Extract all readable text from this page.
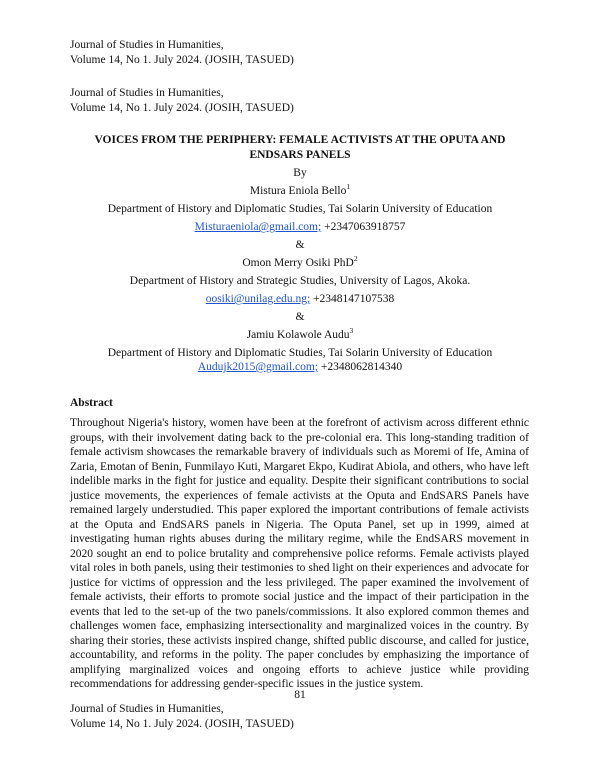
Journal of Studies in Humanities,
Volume 14, No 1. July 2024. (JOSIH, TASUED)
Journal of Studies in Humanities,
Volume 14, No 1. July 2024. (JOSIH, TASUED)
VOICES FROM THE PERIPHERY: FEMALE ACTIVISTS AT THE OPUTA AND
ENDSARS PANELS
By
Mistura Eniola Bello$^1$
Department of History and Diplomatic Studies, Tai Solarin University of Education
Misturaeniola@gmail.com; +2347063918757
&
Omon Merry Osiki PhD$^2$
Department of History and Strategic Studies, University of Lagos, Akoka.
oosiki@unilag.edu.ng; +2348147107538
&
Jamiu Kolawole Audu$^3$
Department of History and Diplomatic Studies, Tai Solarin University of Education
Audujk2015@gmail.com; +2348062814340
Abstract

Throughout Nigeria's history, women have been at the forefront of activism across different ethnic groups, with their involvement dating back to the pre-colonial era. This long-standing tradition of female activism showcases the remarkable bravery of individuals such as Moremi of Ife, Amina of Zaria, Emotan of Benin, Funmilayo Kuti, Margaret Ekpo, Kudirat Abiola, and others, who have left indelible marks in the fight for justice and equality. Despite their significant contributions to social justice movements, the experiences of female activists at the Oputa and EndSARS Panels have remained largely understudied. This paper explored the important contributions of female activists at the Oputa and EndSARS panels in Nigeria. The Oputa Panel, set up in 1999, aimed at investigating human rights abuses during the military regime, while the EndSARS movement in 2020 sought an end to police brutality and comprehensive police reforms. Female activists played vital roles in both panels, using their testimonies to shed light on their experiences and advocate for justice for victims of oppression and the less privileged. The paper examined the involvement of female activists, their efforts to promote social justice and the impact of their participation in the events that led to the set-up of the two panels/commissions. It also explored common themes and challenges women face, emphasizing intersectionality and marginalized voices in the country. By sharing their stories, these activists inspired change, shifted public discourse, and called for justice, accountability, and reforms in the polity. The paper concludes by emphasizing the importance of amplifying marginalized voices and ongoing efforts to achieve justice while providing recommendations for addressing gender-specific issues in the justice system.

81
Journal of Studies in Humanities,
Volume 14, No 1. July 2024. (JOSIH, TASUED)
